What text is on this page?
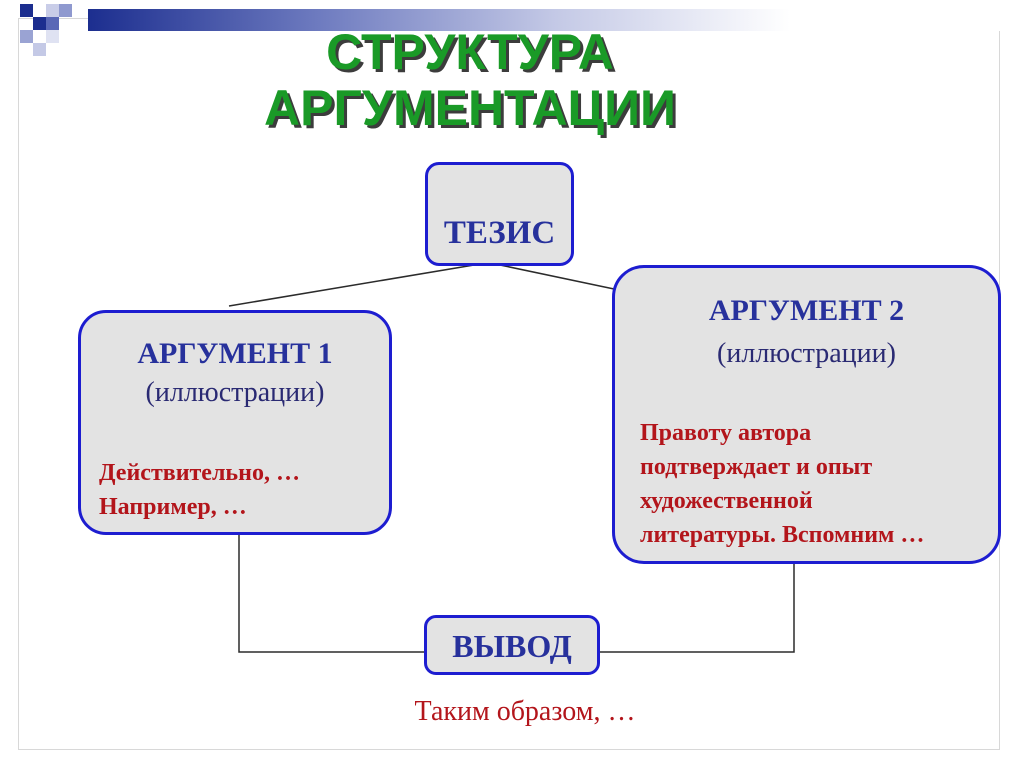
СТРУКТУРА
АРГУМЕНТАЦИИ
ТЕЗИС
АРГУМЕНТ 1
(иллюстрации)
Действительно, …
Например, …
АРГУМЕНТ 2
(иллюстрации)
Правоту автора
подтверждает и опыт
художественной
литературы. Вспомним …
ВЫВОД
Таким образом, …
